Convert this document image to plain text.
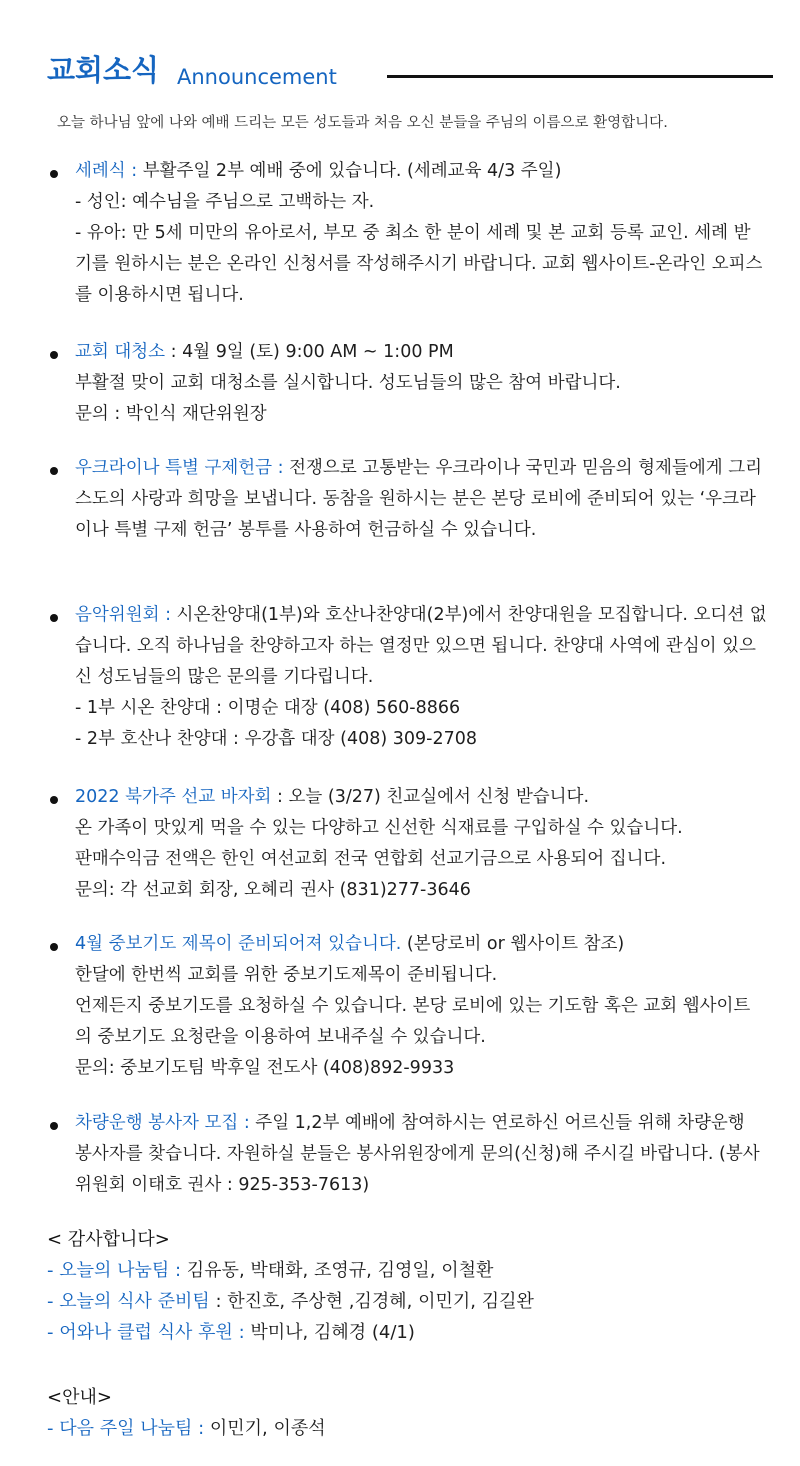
교회소식 Announcement
오늘 하나님 앞에 나와 예배 드리는 모든 성도들과 처음 오신 분들을 주님의 이름으로 환영합니다.

세례식 : 부활주일 2부 예배 중에 있습니다. (세례교육 4/3 주일)

- 성인: 예수님을 주님으로 고백하는 자.

- 유아: 만 5세 미만의 유아로서, 부모 중 최소 한 분이 세례 및 본 교회 등록 교인. 세례 받기를 원하시는 분은 온라인 신청서를 작성해주시기 바랍니다. 교회 웹사이트-온라인 오피스를 이용하시면 됩니다.

교회 대청소 : 4월 9일 (토) 9:00 AM ~ 1:00 PM

부활절 맞이 교회 대청소를 실시합니다. 성도님들의 많은 참여 바랍니다.

문의 : 박인식 재단위원장

우크라이나 특별 구제헌금 : 전쟁으로 고통받는 우크라이나 국민과 믿음의 형제들에게 그리스도의 사랑과 희망을 보냅니다. 동참을 원하시는 분은 본당 로비에 준비되어 있는 ‘우크라이나 특별 구제 헌금’ 봉투를 사용하여 헌금하실 수 있습니다.

음악위원회 : 시온찬양대(1부)와 호산나찬양대(2부)에서 찬양대원을 모집합니다. 오디션 없습니다. 오직 하나님을 찬양하고자 하는 열정만 있으면 됩니다. 찬양대 사역에 관심이 있으신 성도님들의 많은 문의를 기다립니다.

- 1부 시온 찬양대 : 이명순 대장 (408) 560-8866

- 2부 호산나 찬양대 : 우강흡 대장 (408) 309-2708

2022 북가주 선교 바자회 : 오늘 (3/27) 친교실에서 신청 받습니다.

온 가족이 맛있게 먹을 수 있는 다양하고 신선한 식재료를 구입하실 수 있습니다.

판매수익금 전액은 한인 여선교회 전국 연합회 선교기금으로 사용되어 집니다.

문의: 각 선교회 회장, 오혜리 권사 (831)277-3646

4월 중보기도 제목이 준비되어져 있습니다. (본당로비 or 웹사이트 참조)

한달에 한번씩 교회를 위한 중보기도제목이 준비됩니다.

언제든지 중보기도를 요청하실 수 있습니다. 본당 로비에 있는 기도함 혹은 교회 웹사이트의 중보기도 요청란을 이용하여 보내주실 수 있습니다.

문의: 중보기도팀 박후일 전도사 (408)892-9933

차량운행 봉사자 모집 : 주일 1,2부 예배에 참여하시는 연로하신 어르신들 위해 차량운행 봉사자를 찾습니다. 자원하실 분들은 봉사위원장에게 문의(신청)해 주시길 바랍니다. (봉사위원회 이태호 권사 : 925-353-7613)

< 감사합니다>

- 오늘의 나눔팀 : 김유동, 박태화, 조영규, 김영일, 이철환

- 오늘의 식사 준비팀 : 한진호, 주상현 ,김경혜, 이민기, 김길완

- 어와나 클럽 식사 후원 : 박미나, 김혜경 (4/1)

<안내>

- 다음 주일 나눔팀 : 이민기, 이종석
